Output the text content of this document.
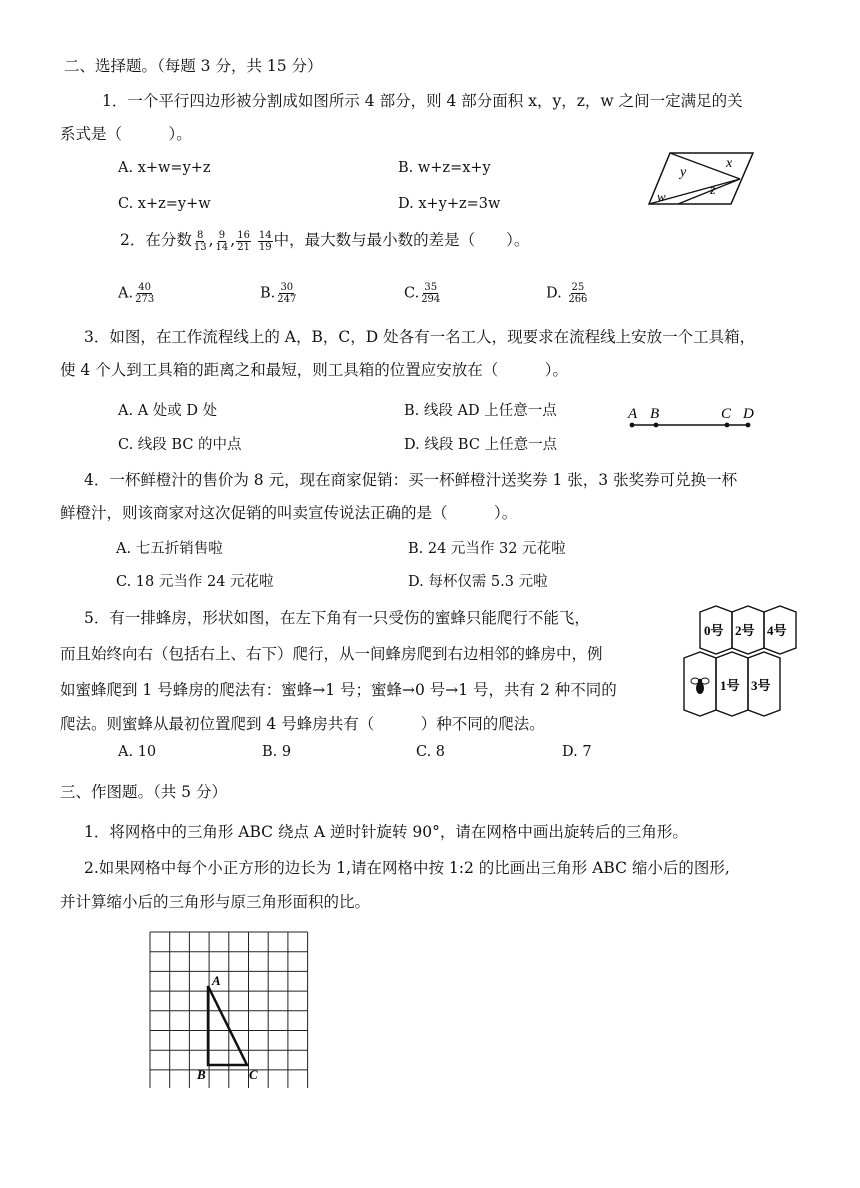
二、选择题。（每题 3 分，共 15 分）
1．一个平行四边形被分割成如图所示 4 部分，则 4 部分面积 x，y，z，w 之间一定满足的关
系式是（　　　）。
A. x+w=y+z	B. w+z=x+y
C. x+z=y+w	D. x+y+z=3w
x
y
z
w
2．在分数 $\frac{8}{13}$ , $\frac{9}{14}$ , $\frac{16}{21}$
$\frac{14}{19}$ 中，最大数与最小数的差是（　　）。
A. $\frac{40}{273}$	B. $\frac{30}{247}$	C. $\frac{35}{294}$	D. $\frac{25}{266}$
3．如图，在工作流程线上的 A，B，C，D 处各有一名工人，现要求在流程线上安放一个工具箱，
使 4 个人到工具箱的距离之和最短，则工具箱的位置应安放在（　　　）。
A. A 处或 D 处	B. 线段 AD 上任意一点
C. 线段 BC 的中点	D. 线段 BC 上任意一点
A B	C D
4．一杯鲜橙汁的售价为 8 元，现在商家促销：买一杯鲜橙汁送奖券 1 张，3 张奖券可兑换一杯
鲜橙汁，则该商家对这次促销的叫卖宣传说法正确的是（　　　）。
A. 七五折销售啦	B. 24 元当作 32 元花啦
C. 18 元当作 24 元花啦	D. 每杯仅需 5.3 元啦
5．有一排蜂房，形状如图，在左下角有一只受伤的蜜蜂只能爬行不能飞，
而且始终向右（包括右上、右下）爬行，从一间蜂房爬到右边相邻的蜂房中，例
如蜜蜂爬到 1 号蜂房的爬法有：蜜蜂→1 号；蜜蜂→0 号→1 号，共有 2 种不同的
爬法。则蜜蜂从最初位置爬到 4 号蜂房共有（　　　）种不同的爬法。
A. 10	B. 9	C. 8	D. 7
0号 2号 4号
1号 3号
三、作图题。（共 5 分）
1．将网格中的三角形 ABC 绕点 A 逆时针旋转 90°，请在网格中画出旋转后的三角形。
2.如果网格中每个小正方形的边长为 1,请在网格中按 1:2 的比画出三角形 ABC 缩小后的图形,
并计算缩小后的三角形与原三角形面积的比。
A
B	C
